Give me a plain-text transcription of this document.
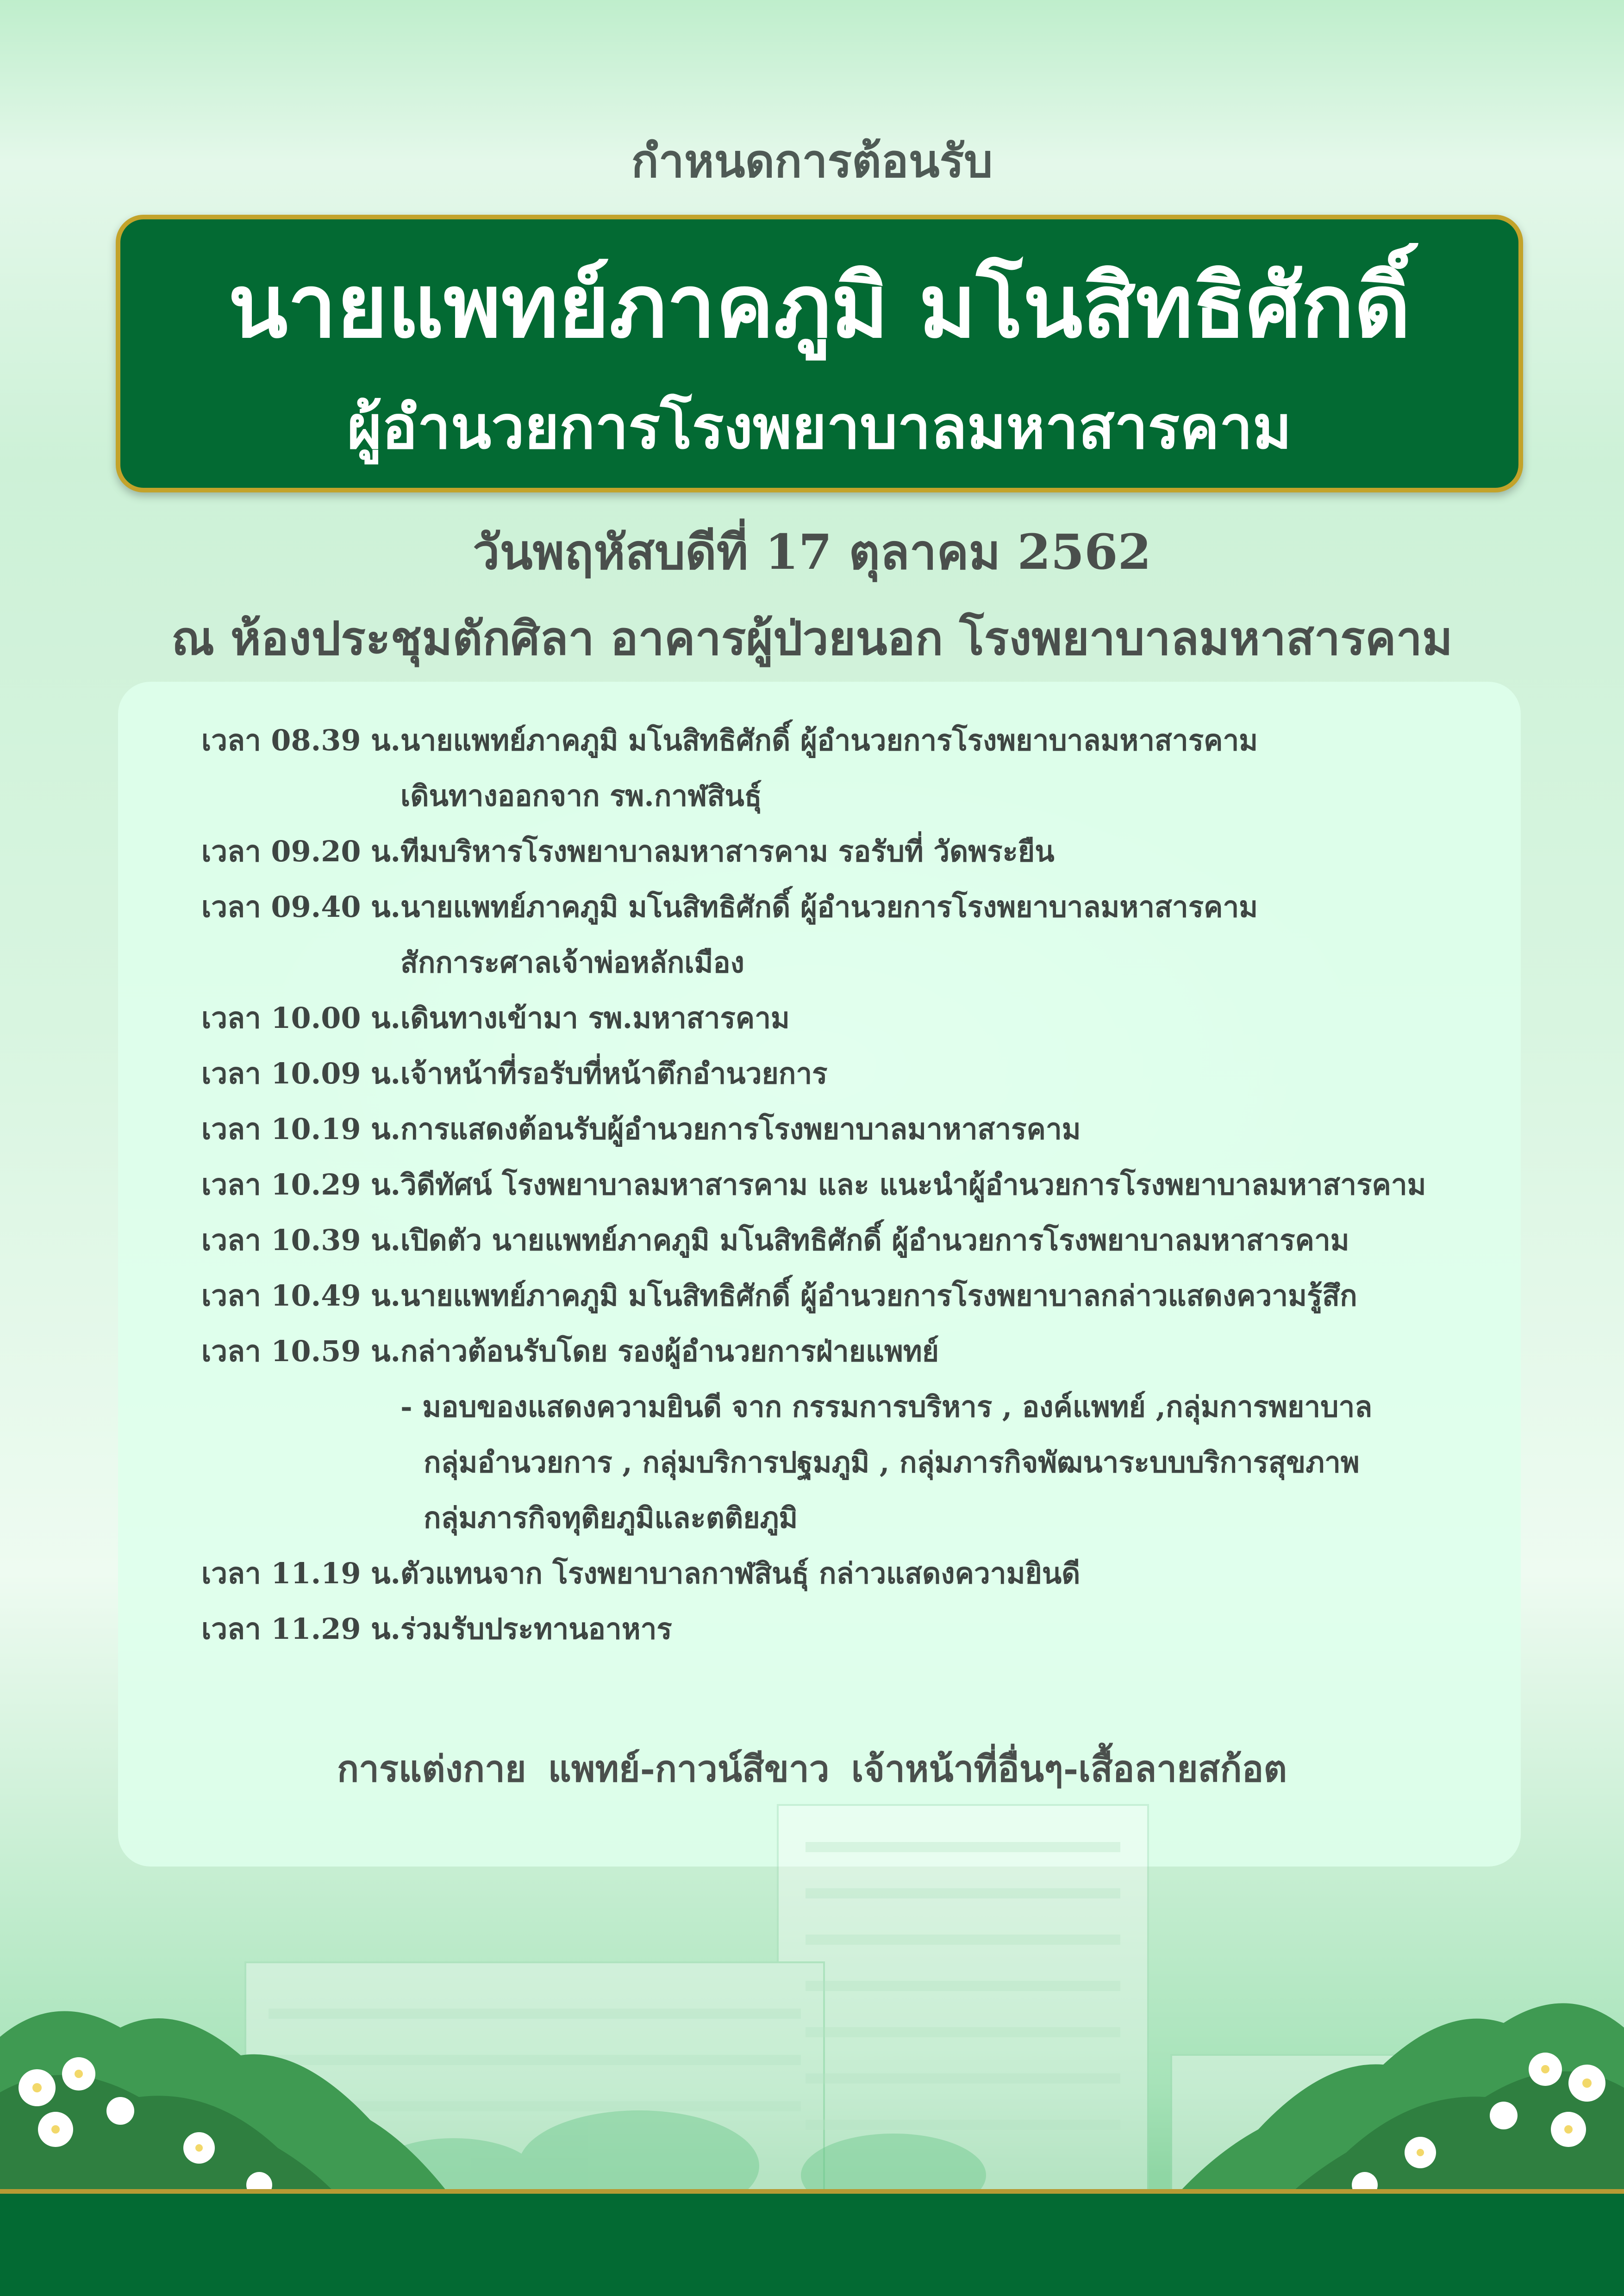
กำหนดการต้อนรับ
นายแพทย์ภาคภูมิ มโนสิทธิศักดิ์
ผู้อำนวยการโรงพยาบาลมหาสารคาม
วันพฤหัสบดีที่ 17 ตุลาคม 2562
ณ ห้องประชุมตักศิลา อาคารผู้ป่วยนอก โรงพยาบาลมหาสารคาม
เวลา 08.39 น. นายแพทย์ภาคภูมิ มโนสิทธิศักดิ์ ผู้อำนวยการโรงพยาบาลมหาสารคาม
เดินทางออกจาก รพ.กาฬสินธุ์
เวลา 09.20 น. ทีมบริหารโรงพยาบาลมหาสารคาม รอรับที่ วัดพระยืน
เวลา 09.40 น. นายแพทย์ภาคภูมิ มโนสิทธิศักดิ์ ผู้อำนวยการโรงพยาบาลมหาสารคาม
สักการะศาลเจ้าพ่อหลักเมือง
เวลา 10.00 น. เดินทางเข้ามา รพ.มหาสารคาม
เวลา 10.09 น. เจ้าหน้าที่รอรับที่หน้าตึกอำนวยการ
เวลา 10.19 น. การแสดงต้อนรับผู้อำนวยการโรงพยาบาลมาหาสารคาม
เวลา 10.29 น. วิดีทัศน์ โรงพยาบาลมหาสารคาม และ แนะนำผู้อำนวยการโรงพยาบาลมหาสารคาม
เวลา 10.39 น. เปิดตัว นายแพทย์ภาคภูมิ มโนสิทธิศักดิ์ ผู้อำนวยการโรงพยาบาลมหาสารคาม
เวลา 10.49 น. นายแพทย์ภาคภูมิ มโนสิทธิศักดิ์ ผู้อำนวยการโรงพยาบาลกล่าวแสดงความรู้สึก
เวลา 10.59 น. กล่าวต้อนรับโดย รองผู้อำนวยการฝ่ายแพทย์
- มอบของแสดงความยินดี จาก กรรมการบริหาร , องค์แพทย์ ,กลุ่มการพยาบาล
กลุ่มอำนวยการ , กลุ่มบริการปฐมภูมิ , กลุ่มภารกิจพัฒนาระบบบริการสุขภาพ
กลุ่มภารกิจทุติยภูมิและตติยภูมิ
เวลา 11.19 น. ตัวแทนจาก โรงพยาบาลกาฬสินธุ์ กล่าวแสดงความยินดี
เวลา 11.29 น. ร่วมรับประทานอาหาร
การแต่งกาย แพทย์-กาวน์สีขาว เจ้าหน้าที่อื่นๆ-เสื้อลายสก้อต
